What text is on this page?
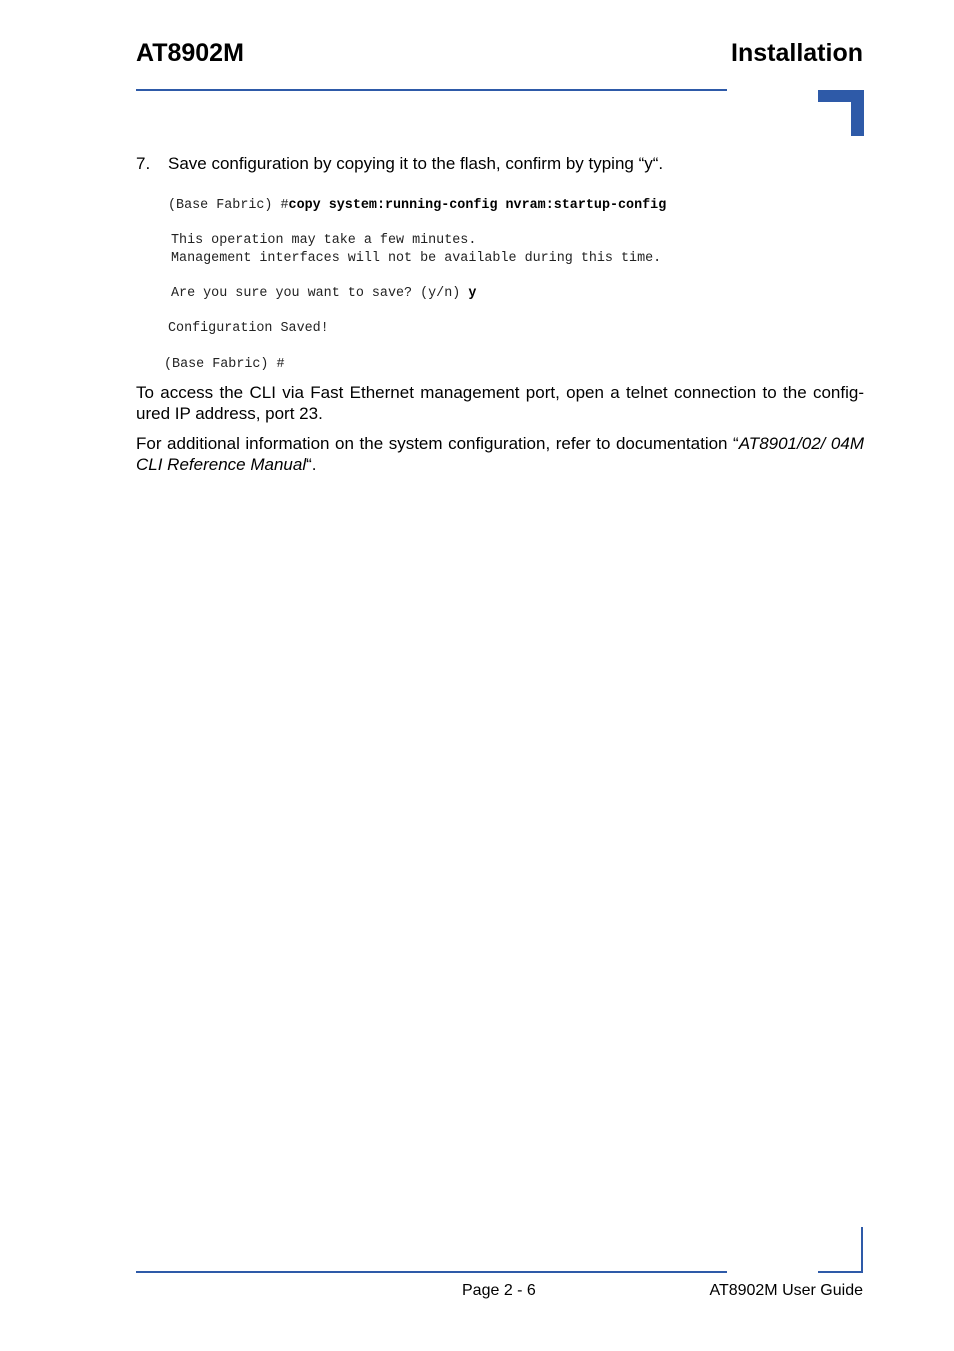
AT8902M	Installation
7. Save configuration by copying it to the flash, confirm by typing “y“.
(Base Fabric) #copy system:running-config nvram:startup-config
This operation may take a few minutes.
Management interfaces will not be available during this time.
Are you sure you want to save? (y/n) y
Configuration Saved!
(Base Fabric) #
To access the CLI via Fast Ethernet management port, open a telnet connection to the config-ured IP address, port 23.
For additional information on the system configuration, refer to documentation “AT8901/02/ 04M CLI Reference Manual“.
Page 2 - 6	AT8902M User Guide
